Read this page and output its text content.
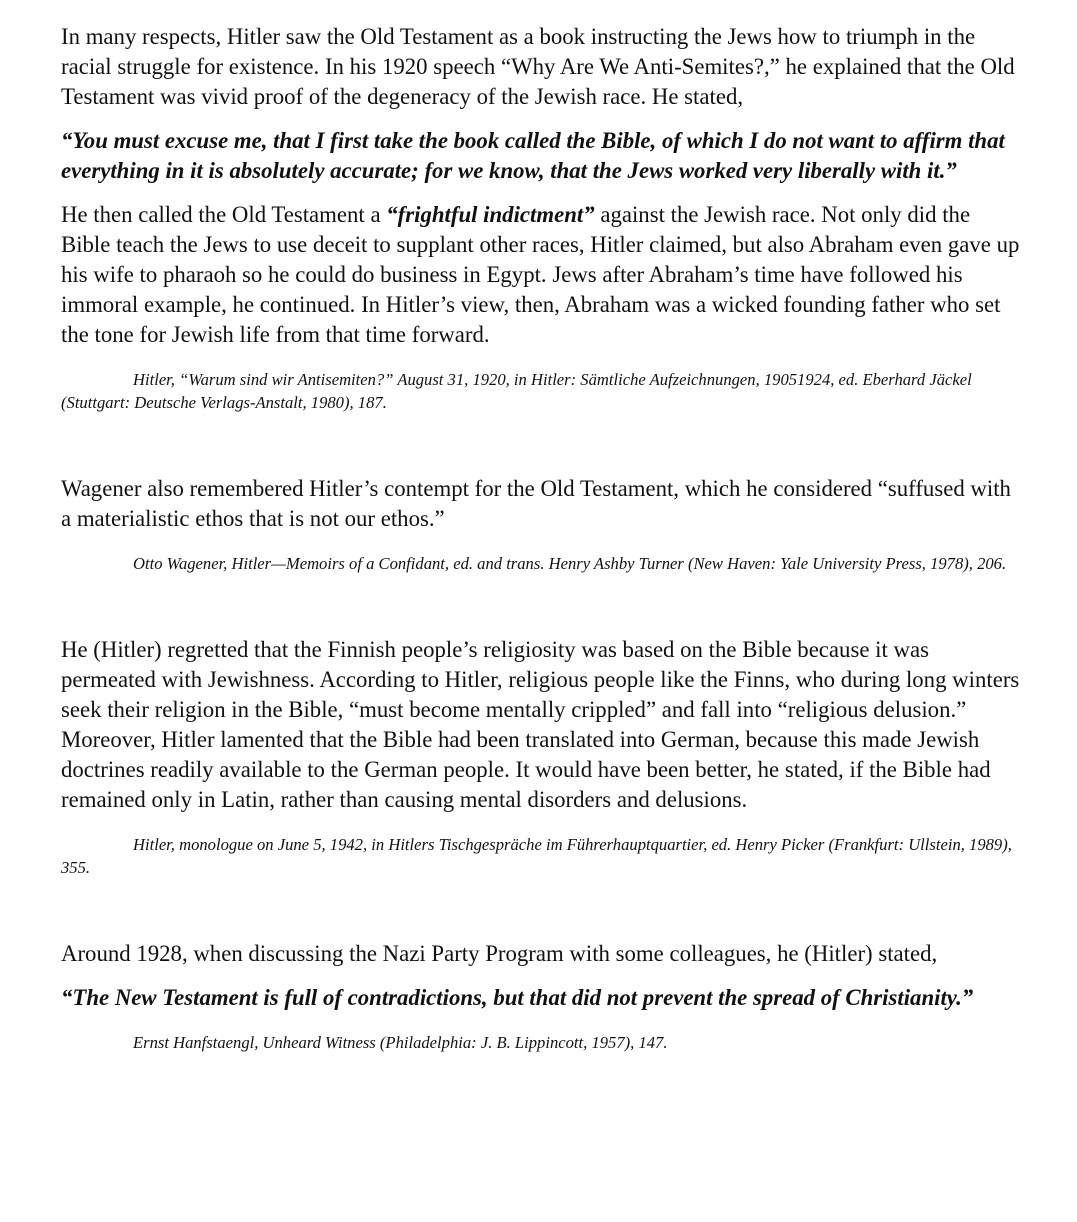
In many respects, Hitler saw the Old Testament as a book instructing the Jews how to triumph in the racial struggle for existence. In his 1920 speech “Why Are We Anti-Semites?,” he explained that the Old Testament was vivid proof of the degeneracy of the Jewish race. He stated,

“You must excuse me, that I first take the book called the Bible, of which I do not want to affirm that everything in it is absolutely accurate; for we know, that the Jews worked very liberally with it.”

He then called the Old Testament a “frightful indictment” against the Jewish race. Not only did the Bible teach the Jews to use deceit to supplant other races, Hitler claimed, but also Abraham even gave up his wife to pharaoh so he could do business in Egypt. Jews after Abraham’s time have followed his immoral example, he continued. In Hitler’s view, then, Abraham was a wicked founding father who set the tone for Jewish life from that time forward.

Hitler, “Warum sind wir Antisemiten?” August 31, 1920, in Hitler: Sämtliche Aufzeichnungen, 19051924, ed. Eberhard Jäckel (Stuttgart: Deutsche Verlags-Anstalt, 1980), 187.

Wagener also remembered Hitler’s contempt for the Old Testament, which he considered “suffused with a materialistic ethos that is not our ethos.”

Otto Wagener, Hitler—Memoirs of a Confidant, ed. and trans. Henry Ashby Turner (New Haven: Yale University Press, 1978), 206.

He (Hitler) regretted that the Finnish people’s religiosity was based on the Bible because it was permeated with Jewishness. According to Hitler, religious people like the Finns, who during long winters seek their religion in the Bible, “must become mentally crippled” and fall into “religious delusion.” Moreover, Hitler lamented that the Bible had been translated into German, because this made Jewish doctrines readily available to the German people. It would have been better, he stated, if the Bible had remained only in Latin, rather than causing mental disorders and delusions.

Hitler, monologue on June 5, 1942, in Hitlers Tischgespräche im Führerhauptquartier, ed. Henry Picker (Frankfurt: Ullstein, 1989), 355.

Around 1928, when discussing the Nazi Party Program with some colleagues, he (Hitler) stated,

“The New Testament is full of contradictions, but that did not prevent the spread of Christianity.”

Ernst Hanfstaengl, Unheard Witness (Philadelphia: J. B. Lippincott, 1957), 147.
